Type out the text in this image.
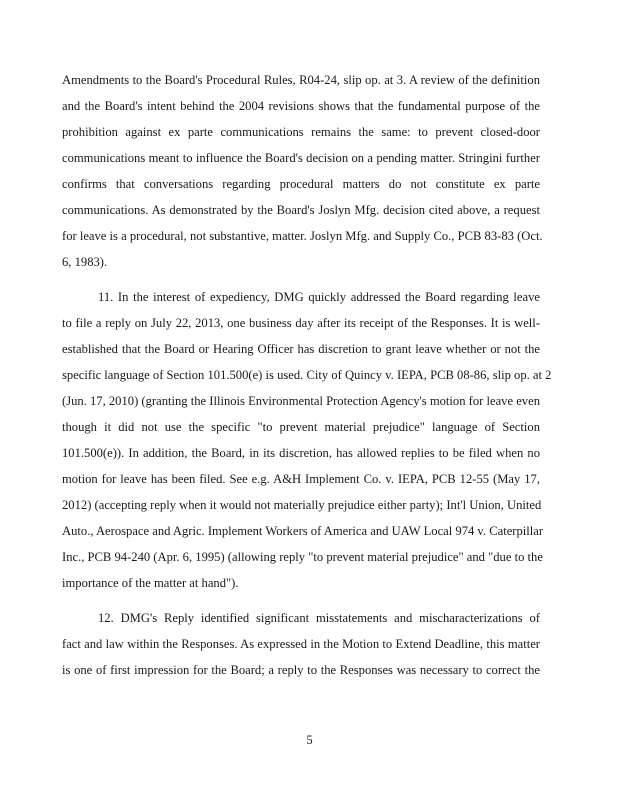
Amendments to the Board's Procedural Rules, R04-24, slip op. at 3. A review of the definition
and the Board's intent behind the 2004 revisions shows that the fundamental purpose of the
prohibition against ex parte communications remains the same: to prevent closed-door
communications meant to influence the Board's decision on a pending matter. Stringini further
confirms that conversations regarding procedural matters do not constitute ex parte
communications. As demonstrated by the Board's Joslyn Mfg. decision cited above, a request
for leave is a procedural, not substantive, matter. Joslyn Mfg. and Supply Co., PCB 83-83 (Oct.
6, 1983).
11. In the interest of expediency, DMG quickly addressed the Board regarding leave
to file a reply on July 22, 2013, one business day after its receipt of the Responses. It is well-
established that the Board or Hearing Officer has discretion to grant leave whether or not the
specific language of Section 101.500(e) is used. City of Quincy v. IEPA, PCB 08-86, slip op. at 2
(Jun. 17, 2010) (granting the Illinois Environmental Protection Agency's motion for leave even
though it did not use the specific "to prevent material prejudice" language of Section
101.500(e)). In addition, the Board, in its discretion, has allowed replies to be filed when no
motion for leave has been filed. See e.g. A&H Implement Co. v. IEPA, PCB 12-55 (May 17,
2012) (accepting reply when it would not materially prejudice either party); Int'l Union, United
Auto., Aerospace and Agric. Implement Workers of America and UAW Local 974 v. Caterpillar
Inc., PCB 94-240 (Apr. 6, 1995) (allowing reply "to prevent material prejudice" and "due to the
importance of the matter at hand").
12. DMG's Reply identified significant misstatements and mischaracterizations of
fact and law within the Responses. As expressed in the Motion to Extend Deadline, this matter
is one of first impression for the Board; a reply to the Responses was necessary to correct the
5
